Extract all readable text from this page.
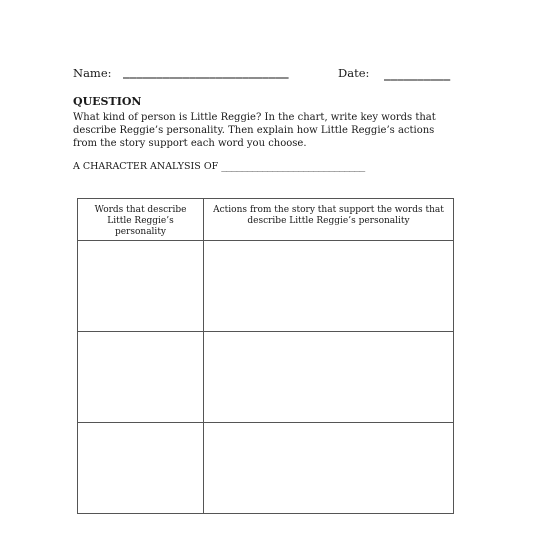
Name: _________________________	Date: __________
QUESTION
What kind of person is Little Reggie? In the chart, write key words that describe Reggie’s personality. Then explain how Little Reggie’s actions from the story support each word you choose.
A CHARACTER ANALYSIS OF ____________________________
Words that describe Little Reggie’s personality	Actions from the story that support the words that describe Little Reggie’s personality
